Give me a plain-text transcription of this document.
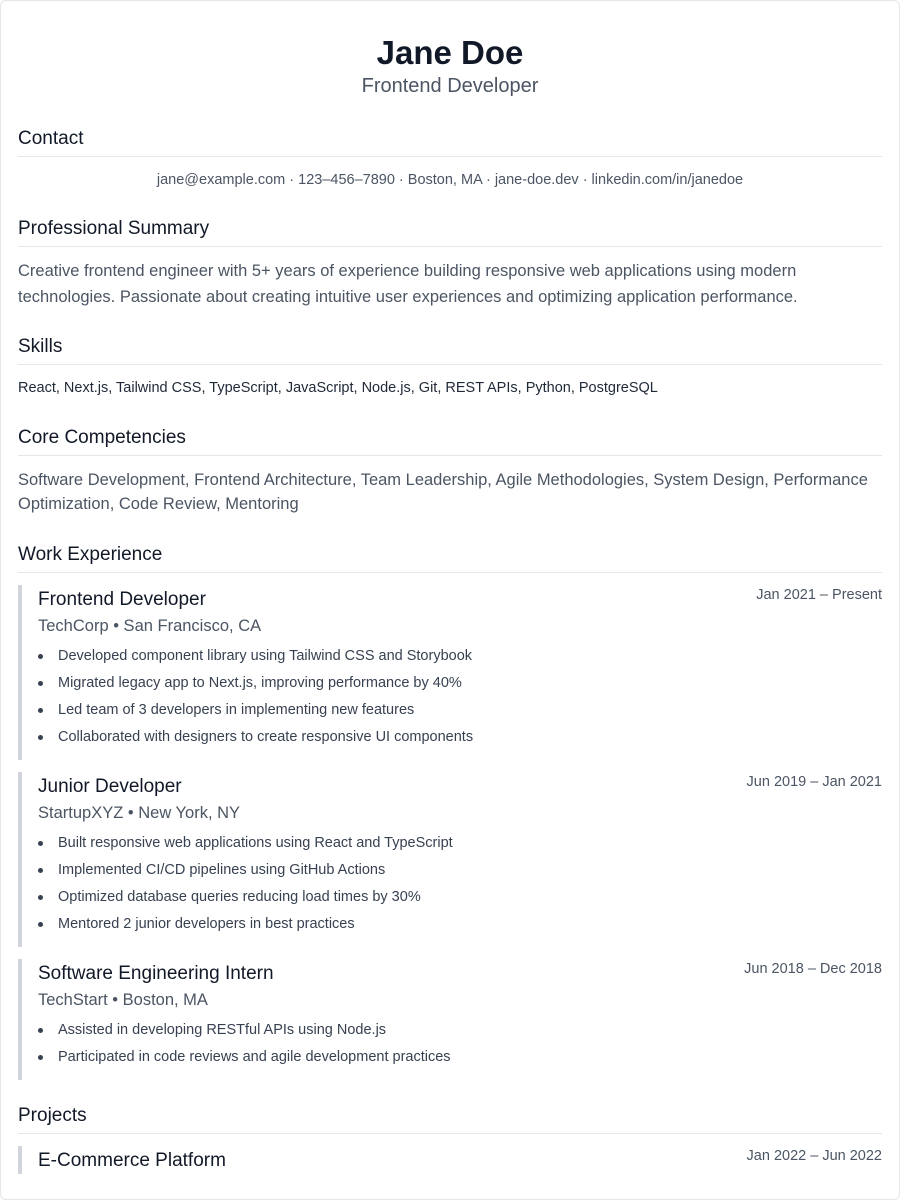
Jane Doe
Frontend Developer
Contact
jane@example.com · 123–456–7890 · Boston, MA · jane-doe.dev · linkedin.com/in/janedoe
Professional Summary
Creative frontend engineer with 5+ years of experience building responsive web applications using modern technologies. Passionate about creating intuitive user experiences and optimizing application performance.
Skills
React, Next.js, Tailwind CSS, TypeScript, JavaScript, Node.js, Git, REST APIs, Python, PostgreSQL
Core Competencies
Software Development, Frontend Architecture, Team Leadership, Agile Methodologies, System Design, Performance Optimization, Code Review, Mentoring
Work Experience
Frontend Developer	Jan 2021 – Present
TechCorp • San Francisco, CA
Developed component library using Tailwind CSS and Storybook
Migrated legacy app to Next.js, improving performance by 40%
Led team of 3 developers in implementing new features
Collaborated with designers to create responsive UI components
Junior Developer	Jun 2019 – Jan 2021
StartupXYZ • New York, NY
Built responsive web applications using React and TypeScript
Implemented CI/CD pipelines using GitHub Actions
Optimized database queries reducing load times by 30%
Mentored 2 junior developers in best practices
Software Engineering Intern	Jun 2018 – Dec 2018
TechStart • Boston, MA
Assisted in developing RESTful APIs using Node.js
Participated in code reviews and agile development practices
Projects
E-Commerce Platform	Jan 2022 – Jun 2022
